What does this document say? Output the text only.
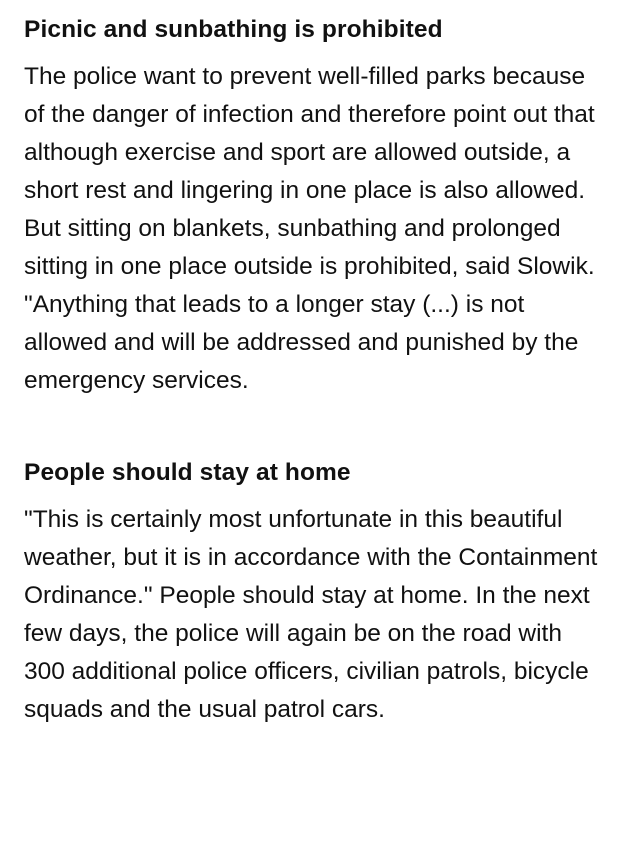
Picnic and sunbathing is prohibited

The police want to prevent well-filled parks because of the danger of infection and therefore point out that although exercise and sport are allowed outside, a short rest and lingering in one place is also allowed. But sitting on blankets, sunbathing and prolonged sitting in one place outside is prohibited, said Slowik. "Anything that leads to a longer stay (...) is not allowed and will be addressed and punished by the emergency services.

People should stay at home

"This is certainly most unfortunate in this beautiful weather, but it is in accordance with the Containment Ordinance." People should stay at home. In the next few days, the police will again be on the road with 300 additional police officers, civilian patrols, bicycle squads and the usual patrol cars.
